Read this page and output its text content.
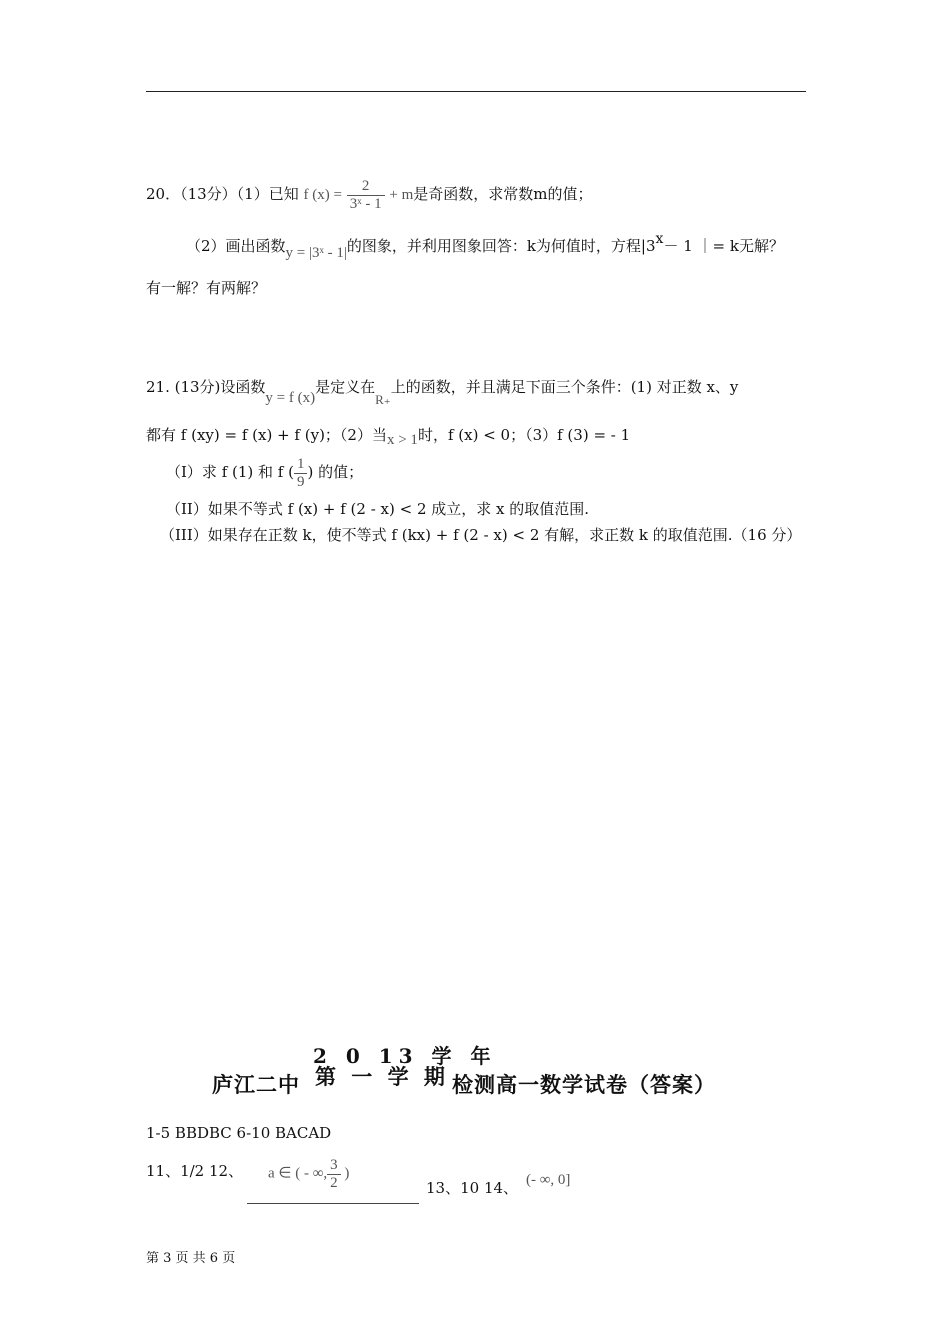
20．（13分）（1）已知 f $(x) = \frac{2}{\text{3ˣ - 1}} + m$是奇函数，求常数m的值；
（2）画出函数y = |3ˣ - 1|的图象，并利用图象回答：k为何值时，方程|3x－ 1 ｜= k无解？
有一解？有两解？
21. (13分)设函数y = f (x)是定义在R₊上的函数，并且满足下面三个条件：(1) 对正数 x、y
都有 f (xy) = f (x) + f (y)；（2）当x > 1时，f (x) < 0；（3）f (3) = - 1
（I）求 f (1) 和 f ( $\frac{1}{9}$ ) 的值；
（II）如果不等式 f (x) + f (2 - x) < 2 成立，求 x 的取值范围.
（III）如果存在正数 k，使不等式 f (kx) + f (2 - x) < 2 有解，求正数 k 的取值范围.（16 分）
2 0 13 学 年
庐江二中 第 一 学 期 检测高一数学试卷（答案）
1-5 BBDBC 6-10 BACAD
11、1/2 12、 a ∈ ( - ∞, $\frac{3}{2}$ )
13、10 14、 (- ∞, 0]
第 3 页 共 6 页
